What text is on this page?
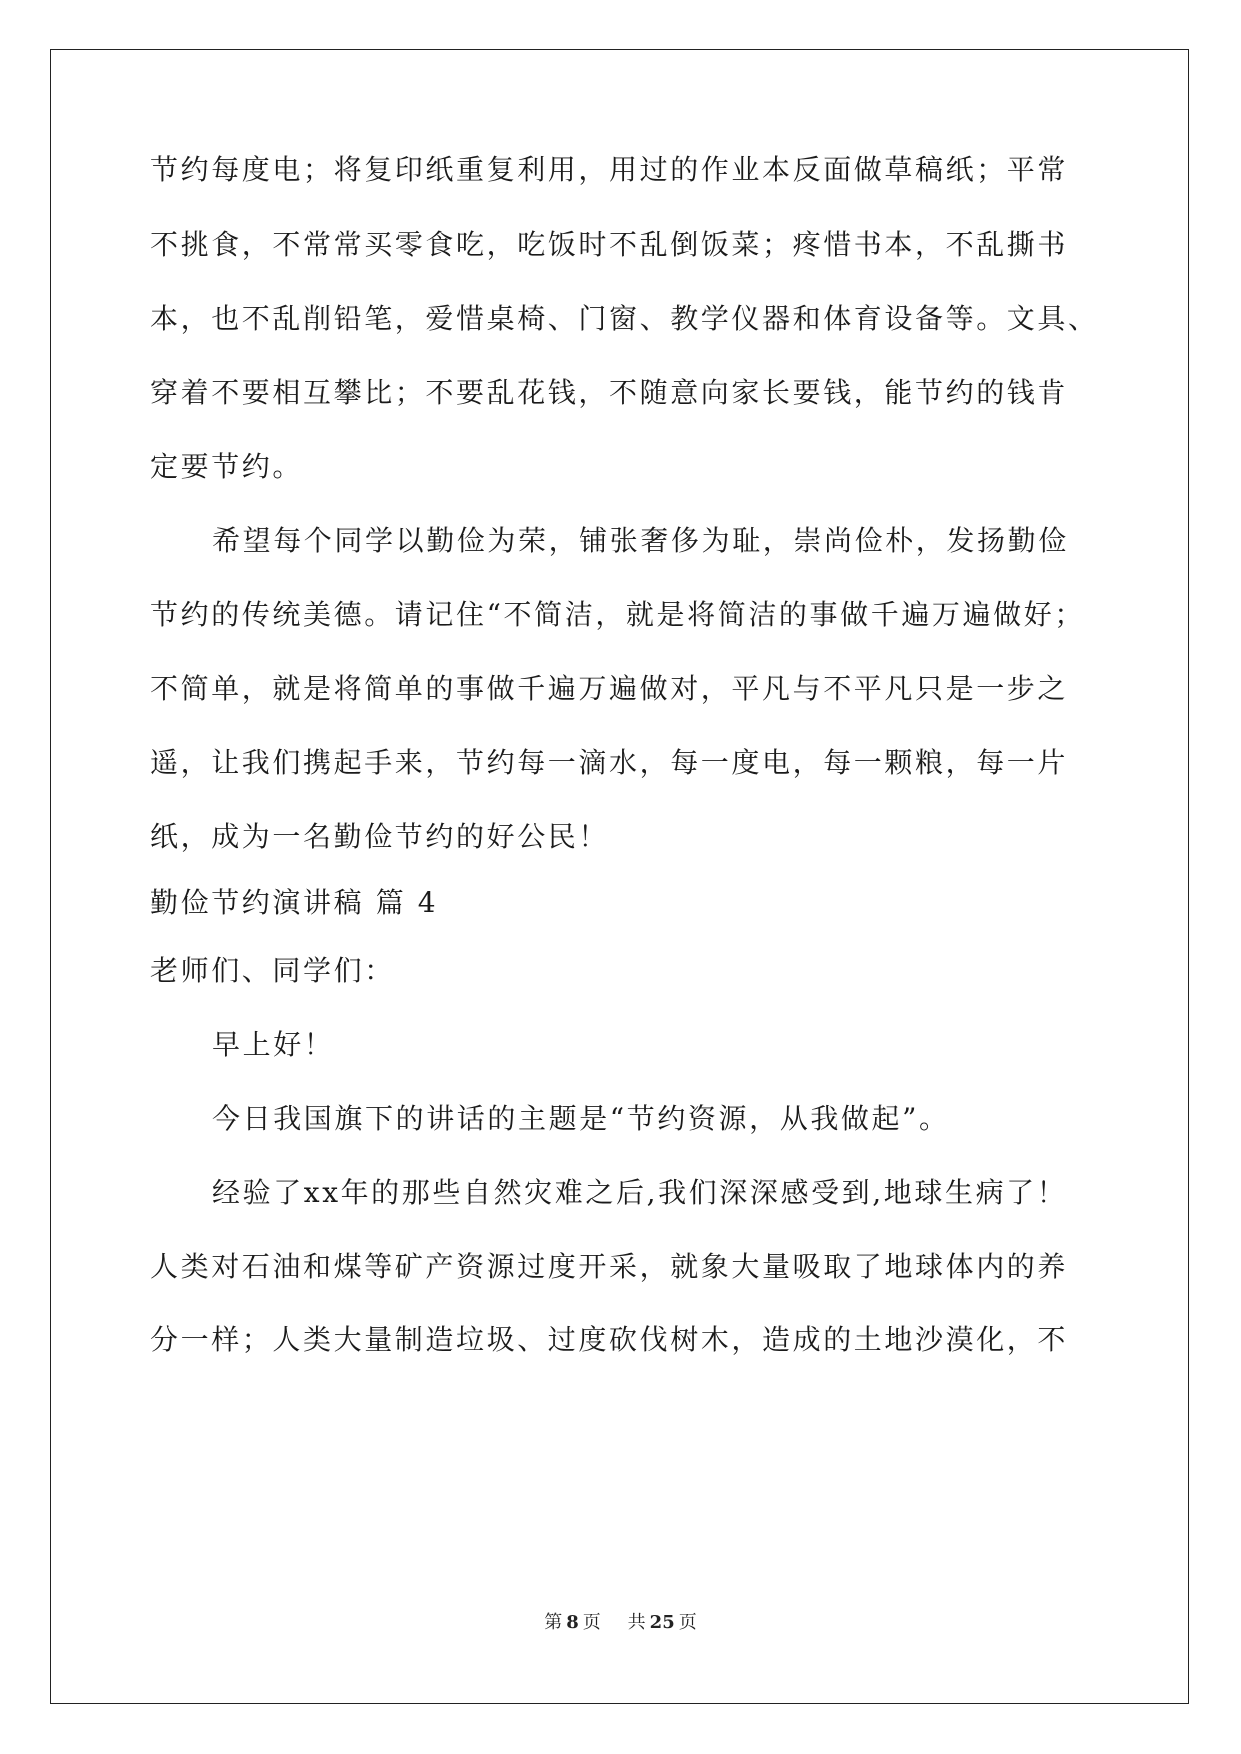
节约每度电；将复印纸重复利用，用过的作业本反面做草稿纸；平常
不挑食，不常常买零食吃，吃饭时不乱倒饭菜；疼惜书本，不乱撕书
本，也不乱削铅笔，爱惜桌椅、门窗、教学仪器和体育设备等。文具、
穿着不要相互攀比；不要乱花钱，不随意向家长要钱，能节约的钱肯
定要节约。
希望每个同学以勤俭为荣，铺张奢侈为耻，崇尚俭朴，发扬勤俭
节约的传统美德。请记住“不简洁，就是将简洁的事做千遍万遍做好；
不简单，就是将简单的事做千遍万遍做对，平凡与不平凡只是一步之
遥，让我们携起手来，节约每一滴水，每一度电，每一颗粮，每一片
纸，成为一名勤俭节约的好公民！
勤俭节约演讲稿 篇 4
老师们、同学们：
早上好！
今日我国旗下的讲话的主题是“节约资源，从我做起”。
经验了xx年的那些自然灾难之后,我们深深感受到,地球生病了！
人类对石油和煤等矿产资源过度开采，就象大量吸取了地球体内的养
分一样；人类大量制造垃圾、过度砍伐树木，造成的土地沙漠化，不
第 8 页 共 25 页
